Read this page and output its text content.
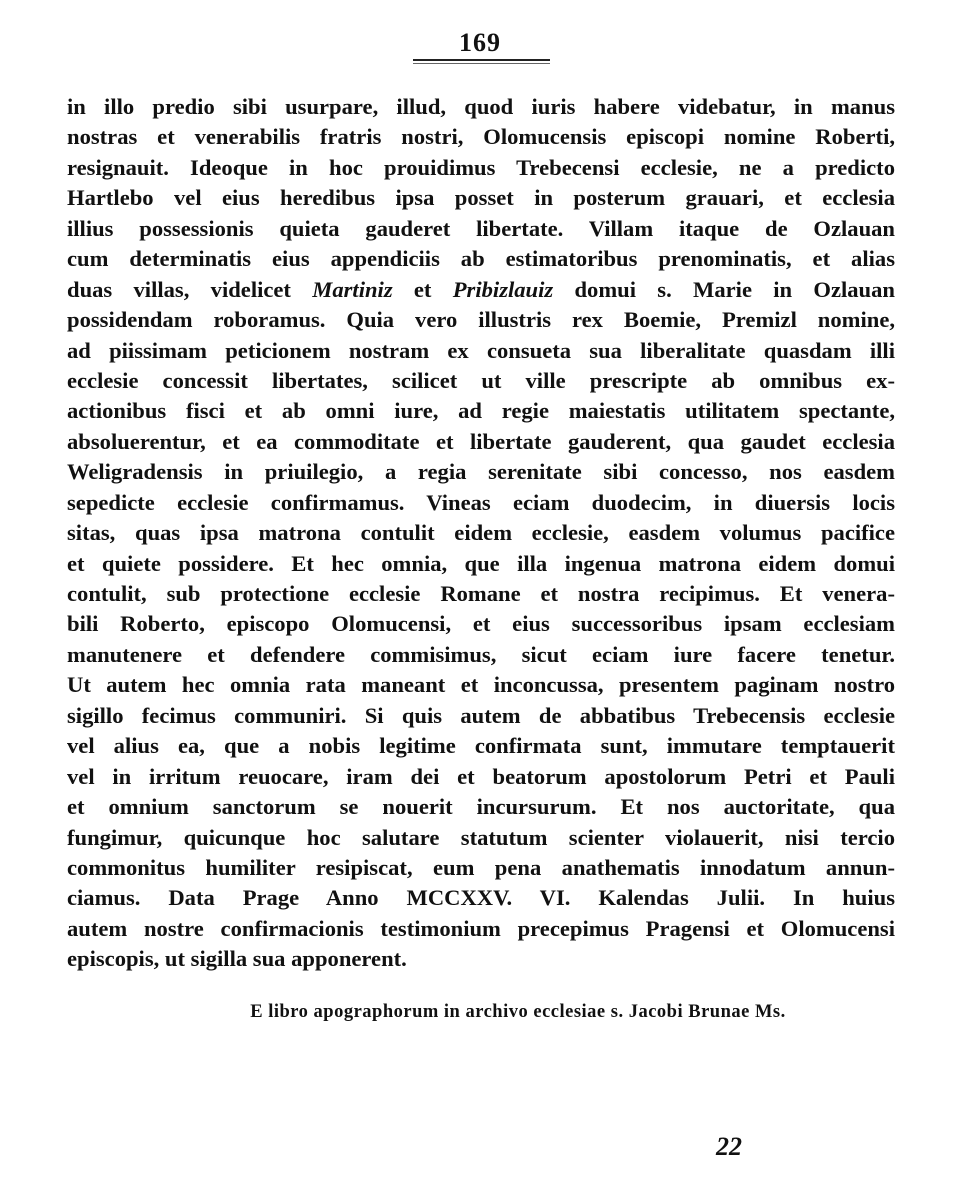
169
in illo predio sibi usurpare, illud, quod iuris habere videbatur, in manus
nostras et venerabilis fratris nostri, Olomucensis episcopi nomine Roberti,
resignauit. Ideoque in hoc prouidimus Trebecensi ecclesie, ne a predicto
Hartlebo vel eius heredibus ipsa posset in posterum grauari, et ecclesia
illius possessionis quieta gauderet libertate. Villam itaque de Ozlauan
cum determinatis eius appendiciis ab estimatoribus prenominatis, et alias
duas villas, videlicet Martiniz et Pribizlauiz domui s. Marie in Ozlauan
possidendam roboramus. Quia vero illustris rex Boemie, Premizl nomine,
ad piissimam peticionem nostram ex consueta sua liberalitate quasdam illi
ecclesie concessit libertates, scilicet ut ville prescripte ab omnibus ex-
actionibus fisci et ab omni iure, ad regie maiestatis utilitatem spectante,
absoluerentur, et ea commoditate et libertate gauderent, qua gaudet ecclesia
Weligradensis in priuilegio, a regia serenitate sibi concesso, nos easdem
sepedicte ecclesie confirmamus. Vineas eciam duodecim, in diuersis locis
sitas, quas ipsa matrona contulit eidem ecclesie, easdem volumus pacifice
et quiete possidere. Et hec omnia, que illa ingenua matrona eidem domui
contulit, sub protectione ecclesie Romane et nostra recipimus. Et venera-
bili Roberto, episcopo Olomucensi, et eius successoribus ipsam ecclesiam
manutenere et defendere commisimus, sicut eciam iure facere tenetur.
Ut autem hec omnia rata maneant et inconcussa, presentem paginam nostro
sigillo fecimus communiri. Si quis autem de abbatibus Trebecensis ecclesie
vel alius ea, que a nobis legitime confirmata sunt, immutare temptauerit
vel in irritum reuocare, iram dei et beatorum apostolorum Petri et Pauli
et omnium sanctorum se nouerit incursurum. Et nos auctoritate, qua
fungimur, quicunque hoc salutare statutum scienter violauerit, nisi tercio
commonitus humiliter resipiscat, eum pena anathematis innodatum annun-
ciamus. Data Prage Anno MCCXXV. VI. Kalendas Julii. In huius
autem nostre confirmacionis testimonium precepimus Pragensi et Olomucensi
episcopis, ut sigilla sua apponerent.
E libro apographorum in archivo ecclesiae s. Jacobi Brunae Ms.
22
